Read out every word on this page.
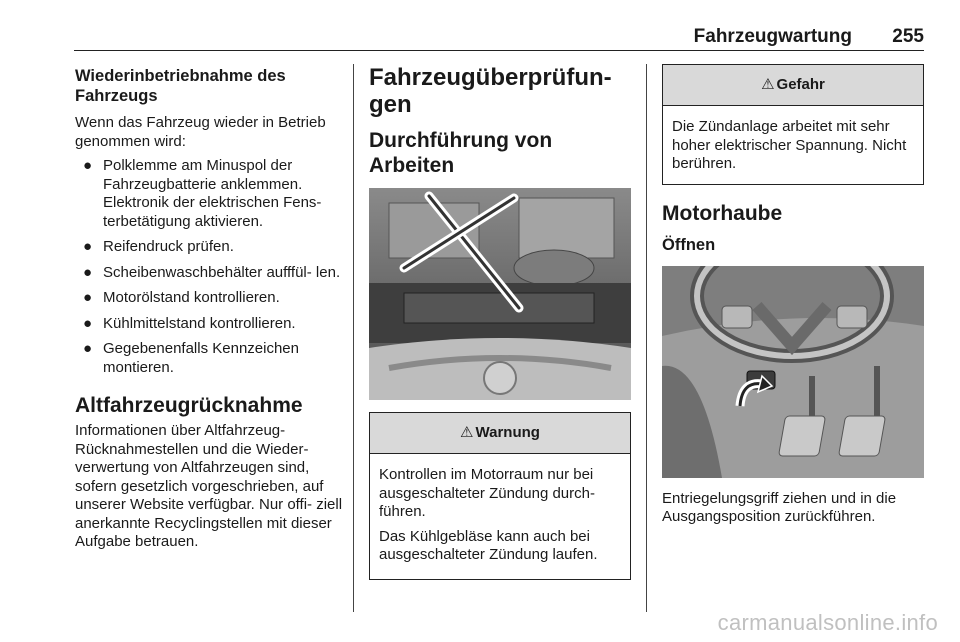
Fahrzeugwartung 255
Wiederinbetriebnahme des Fahrzeugs

Wenn das Fahrzeug wieder in Betrieb genommen wird:

● Polklemme am Minuspol der Fahrzeugbatterie anklemmen. Elektronik der elektrischen Fens- terbetätigung aktivieren.
● Reifendruck prüfen.
● Scheibenwaschbehälter aufffül- len.
● Motorölstand kontrollieren.
● Kühlmittelstand kontrollieren.
● Gegebenenfalls Kennzeichen montieren.
Altfahrzeugrücknahme

Informationen über Altfahrzeug- Rücknahmestellen und die Wieder- verwertung von Altfahrzeugen sind, sofern gesetzlich vorgeschrieben, auf unserer Website verfügbar. Nur offi- ziell anerkannte Recyclingstellen mit dieser Aufgabe betrauen.

Fahrzeugüberprüfun- gen
Durchführung von Arbeiten
⚠ Warnung

Kontrollen im Motorraum nur bei ausgeschalteter Zündung durch- führen.

Das Kühlgebläse kann auch bei ausgeschalteter Zündung laufen.

⚠ Gefahr

Die Zündanlage arbeitet mit sehr hoher elektrischer Spannung. Nicht berühren.

Motorhaube
Öffnen

Entriegelungsgriff ziehen und in die Ausgangsposition zurückführen.

carmanualsonline.info
